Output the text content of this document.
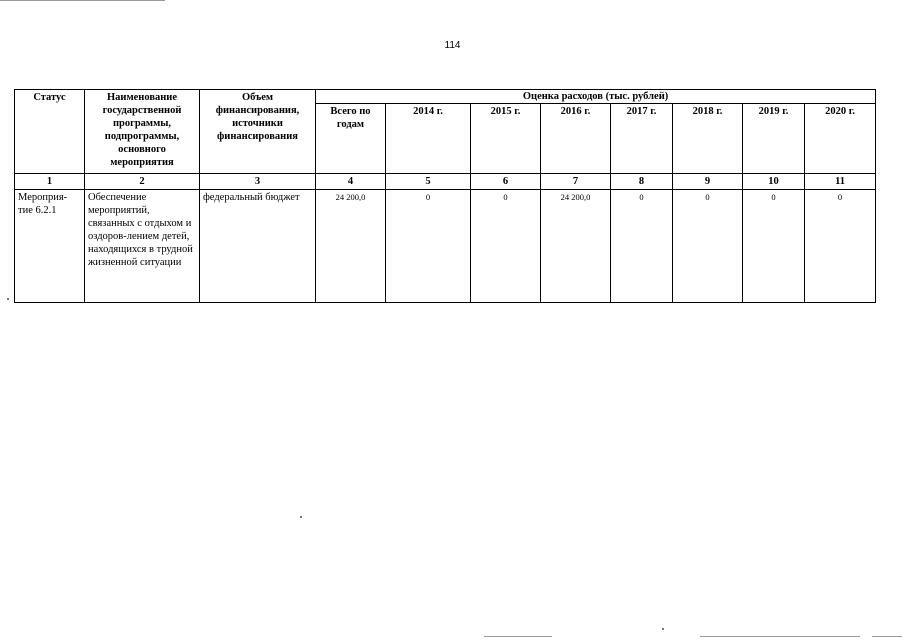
114
Статус	Наименование государственной программы, подпрограммы, основного мероприятия	Объем финансирования, источники финансирования	Оценка расходов (тыс. рублей)							
			Всего по годам	2014 г.	2015 г.	2016 г.	2017 г.	2018 г.	2019 г.	2020 г.
1	2	3	4	5	6	7	8	9	10	11
Мероприя-тие 6.2.1	Обеспечение мероприятий, связанных с отдыхом и оздоров-лением детей, находящихся в трудной жизненной ситуации	федеральный бюджет	24 200,0	0	0	24 200,0	0	0	0	0
